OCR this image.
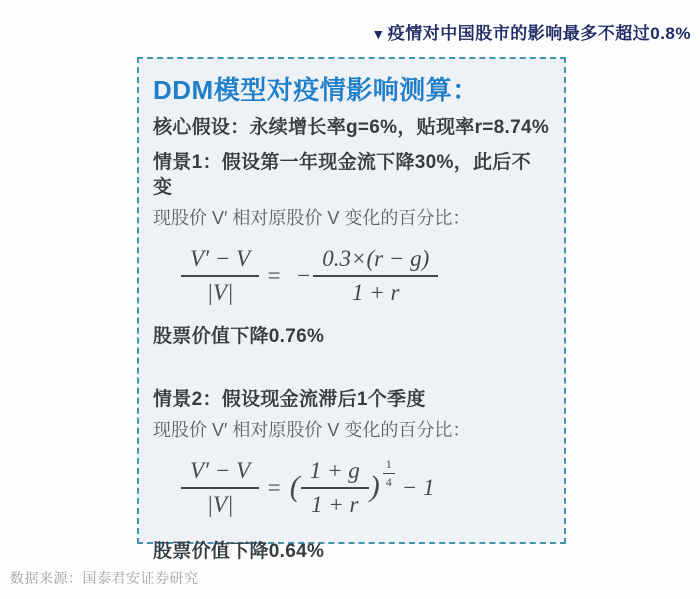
▼ 疫情对中国股市的影响最多不超过0.8%
DDM模型对疫情影响测算：

核心假设：永续增长率g=6%，贴现率r=8.74%

情景1：假设第一年现金流下降30%，此后不变

现股价 V′ 相对原股价 V 变化的百分比：

$\frac{V' - V}{|V|}$ = − $\frac{0.3\times(r - g)}{1 + r}$

股票价值下降0.76%

情景2：假设现金流滞后1个季度

现股价 V′ 相对原股价 V 变化的百分比：

$\frac{V' - V}{|V|}$ = ( $\frac{1 + g}{1 + r}$ ) $\frac{1}{4} - 1$

股票价值下降0.64%

数据来源：国泰君安证券研究
